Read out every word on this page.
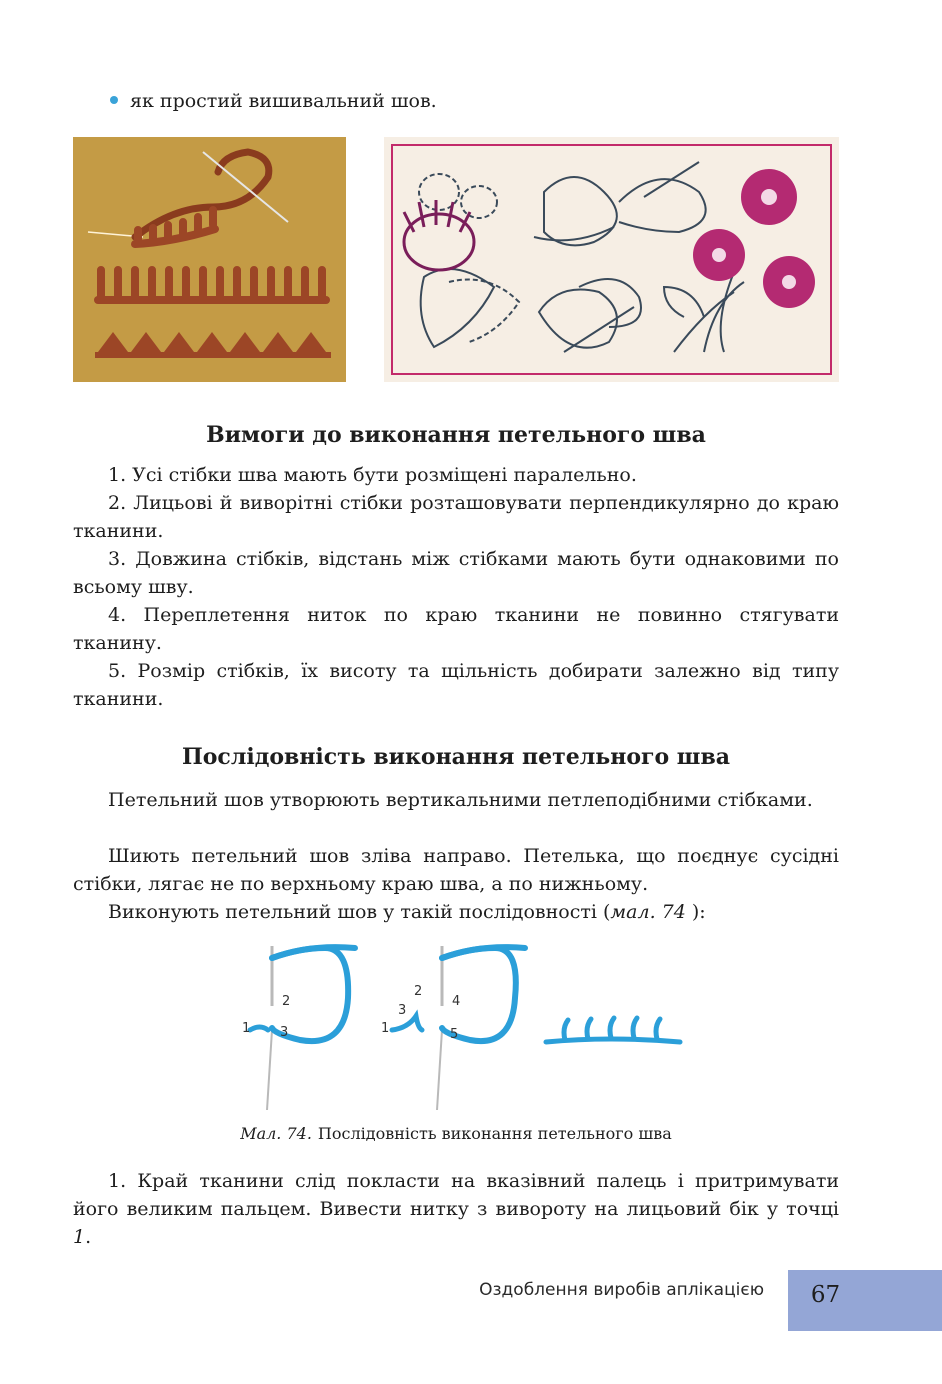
як простий вишивальний шов.
Вимоги до виконання петельного шва

1. Усі стібки шва мають бути розміщені паралельно.

2. Лицьові й виворітні стібки розташовувати перпендикулярно до краю тканини.

3. Довжина стібків, відстань між стібками мають бути однаковими по всьому шву.

4. Переплетення ниток по краю тканини не повинно стягувати тканину.

5. Розмір стібків, їх висоту та щільність добирати залежно від типу тканини.

Послідовність виконання петельного шва

Петельний шов утворюють вертикальними петлеподібними стібками.

Шиють петельний шов зліва направо. Петелька, що поєднує сусідні стібки, лягає не по верхньому краю шва, а по нижньому.

Виконують петельний шов у такій послідовності (мал. 74 ):

1
2
3	1
2
3
4
5
Мал. 74. Послідовність виконання петельного шва

1. Край тканини слід покласти на вказівний палець і притримувати його великим пальцем. Вивести нитку з вивороту на лицьовий бік у точці 1.

Оздоблення виробів аплікацією	67
